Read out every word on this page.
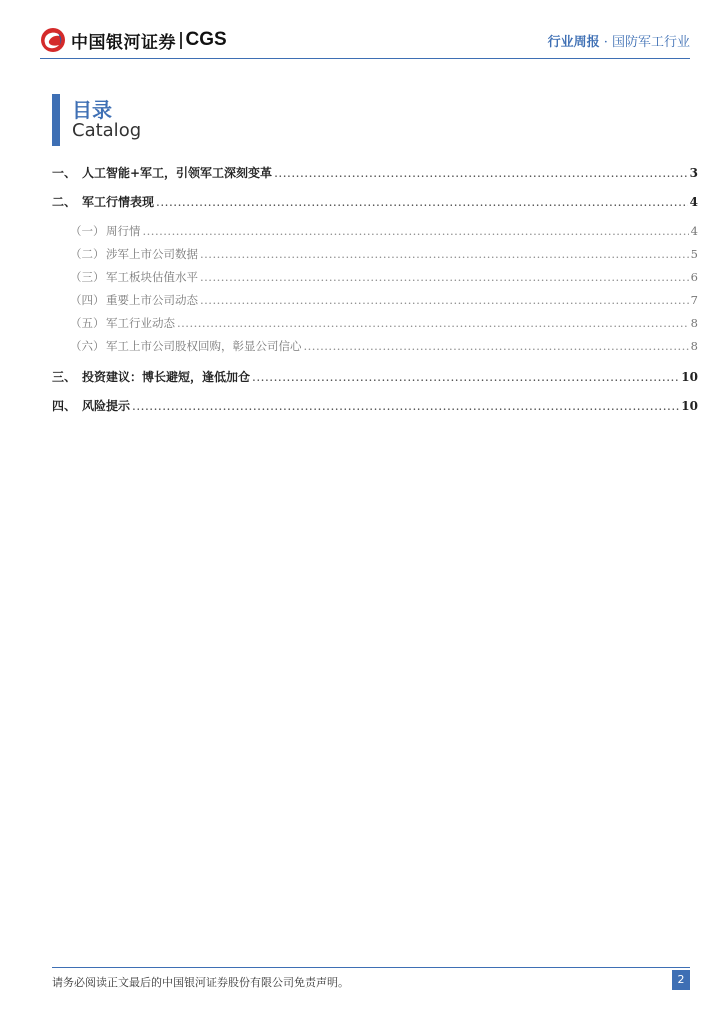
中国银河证券 CGS	行业周报 · 国防军工行业
目录
Catalog
一、 人工智能+军工，引领军工深刻变革 .....	3
二、 军工行情表现 .....	4
（一） 周行情 .....	4
（二） 涉军上市公司数据 .....	5
（三） 军工板块估值水平 .....	6
（四） 重要上市公司动态 .....	7
（五） 军工行业动态 .....	8
（六） 军工上市公司股权回购，彰显公司信心 .....	8
三、 投资建议：博长避短，逢低加仓 .....	10
四、 风险提示 .....	10
请务必阅读正文最后的中国银河证券股份有限公司免责声明。	2
